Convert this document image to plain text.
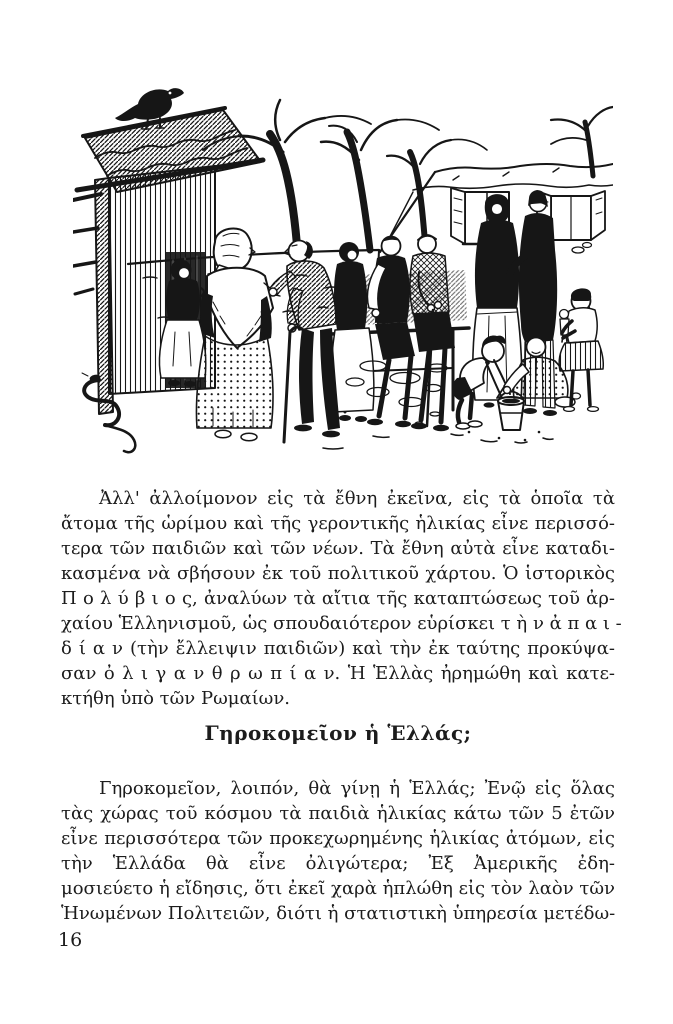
Ἀλλ' ἀλλοίμονον εἰς τὰ ἔθνη ἐκεῖνα, εἰς τὰ ὁποῖα τὰ
ἄτομα τῆς ὡρίμου καὶ τῆς γεροντικῆς ἡλικίας εἶνε περισσό-
τερα τῶν παιδιῶν καὶ τῶν νέων. Τὰ ἔθνη αὐτὰ εἶνε καταδι-
κασμένα νὰ σβήσουν ἐκ τοῦ πολιτικοῦ χάρτου. Ὁ ἱστορικὸς
Π ο λ ύ β ι ο ς, ἀναλύων τὰ αἴτια τῆς καταπτώσεως τοῦ ἀρ-
χαίου Ἑλληνισμοῦ, ὡς σπουδαιότερον εὑρίσκει τ ὴ ν ἀ π α ι -
δ ί α ν (τὴν ἔλλειψιν παιδιῶν) καὶ τὴν ἐκ ταύτης προκύψα-
σαν ὀ λ ι γ α ν θ ρ ω π ί α ν. Ἡ Ἑλλὰς ἠρημώθη καὶ κατε-
κτήθη ὑπὸ τῶν Ρωμαίων.
Γηροκομεῖον ἡ Ἑλλάς;
Γηροκομεῖον, λοιπόν, θὰ γίνῃ ἡ Ἑλλάς; Ἐνῷ εἰς ὅλας
τὰς χώρας τοῦ κόσμου τὰ παιδιὰ ἡλικίας κάτω τῶν 5 ἐτῶν
εἶνε περισσότερα τῶν προκεχωρημένης ἡλικίας ἀτόμων, εἰς
τὴν Ἑλλάδα θὰ εἶνε ὀλιγώτερα; Ἐξ Ἀμερικῆς ἐδη-
μοσιεύετο ἡ εἴδησις, ὅτι ἐκεῖ χαρὰ ἡπλώθη εἰς τὸν λαὸν τῶν
Ἡνωμένων Πολιτειῶν, διότι ἡ στατιστικὴ ὑπηρεσία μετέδω-
16
